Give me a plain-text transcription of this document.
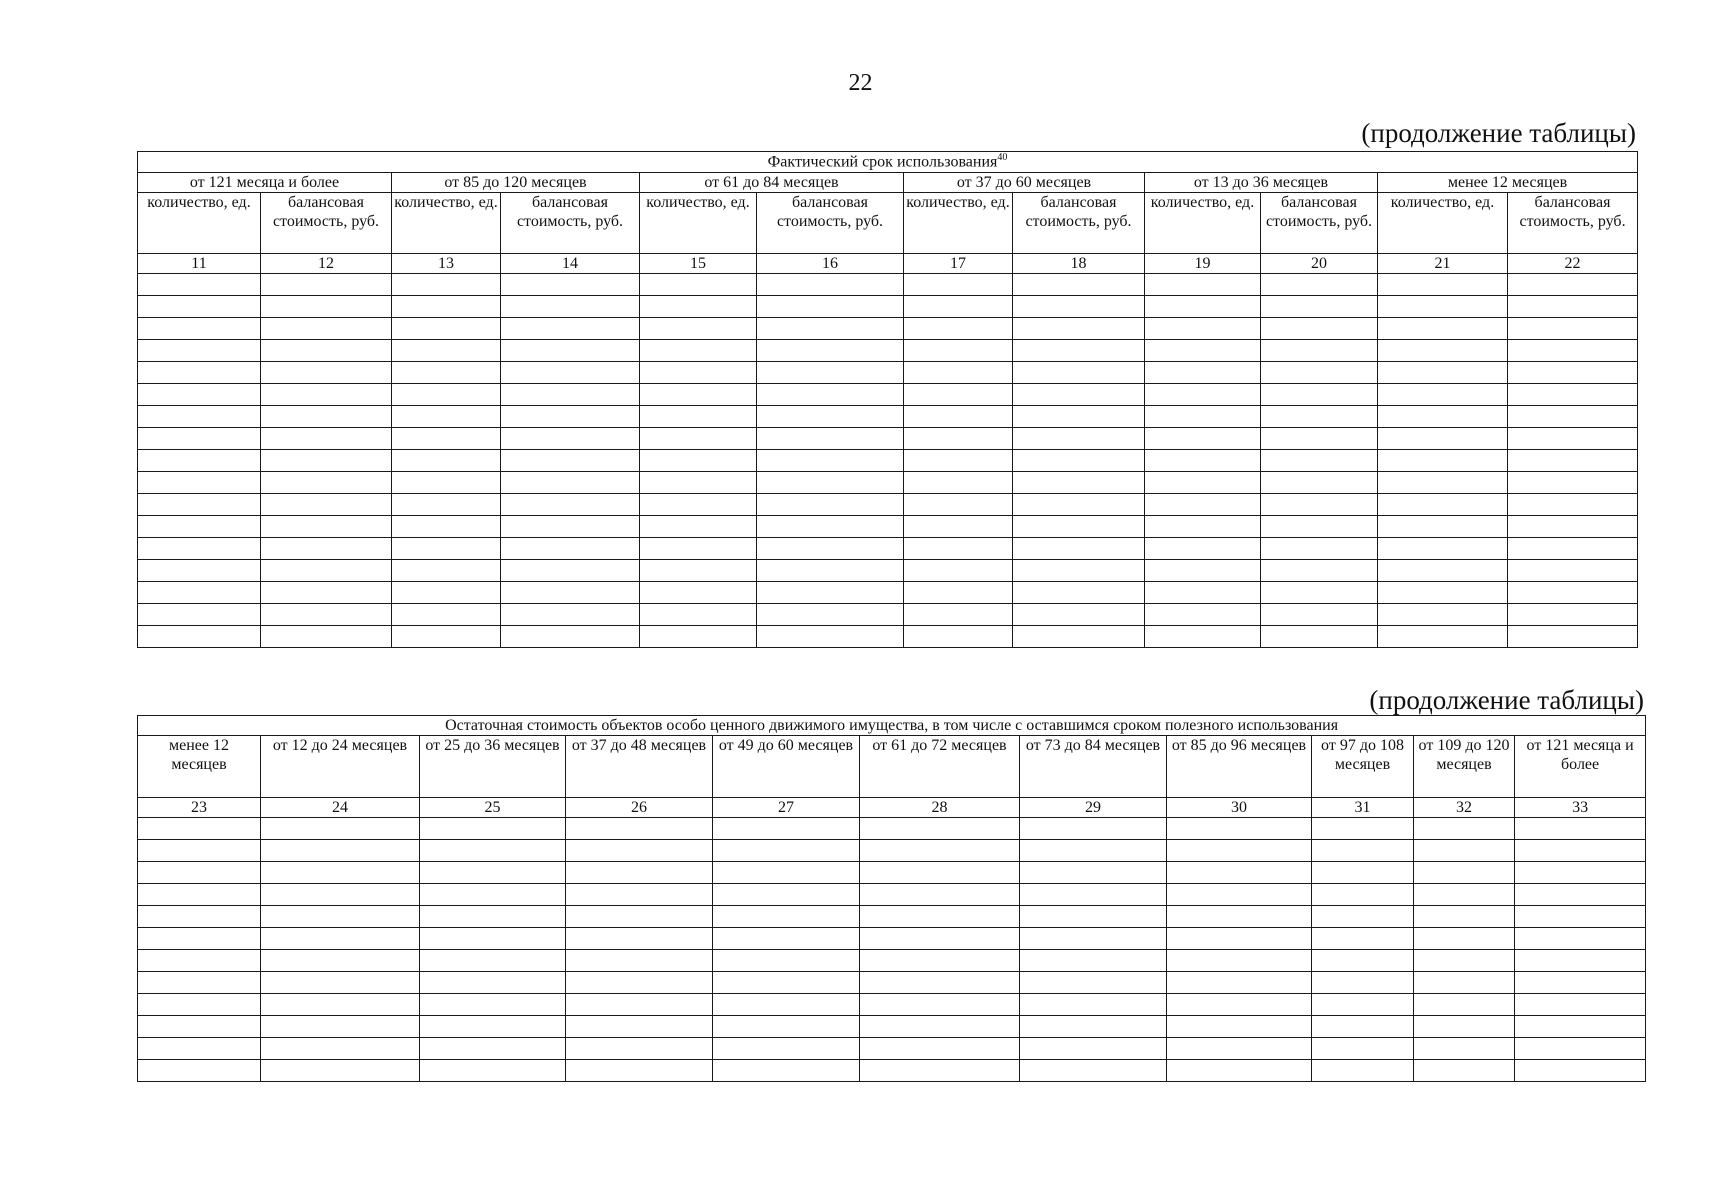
22
(продолжение таблицы)
Фактический срок использования$^{40}$
от 121 месяца и более		от 85 до 120 месяцев		от 61 до 84 месяцев		от 37 до 60 месяцев		от 13 до 36 месяцев		менее 12 месяцев	
количество, ед.	балансовая стоимость, руб.	количество, ед.	балансовая стоимость, руб.	количество, ед.	балансовая стоимость, руб.	количество, ед.	балансовая стоимость, руб.	количество, ед.	балансовая стоимость, руб.	количество, ед.	балансовая стоимость, руб.
11	12	13	14	15	16	17	18	19	20	21	22

(продолжение таблицы)
Остаточная стоимость объектов особо ценного движимого имущества, в том числе с оставшимся сроком полезного использования										
менее 12 месяцев	от 12 до 24 месяцев	от 25 до 36 месяцев	от 37 до 48 месяцев	от 49 до 60 месяцев	от 61 до 72 месяцев	от 73 до 84 месяцев	от 85 до 96 месяцев	от 97 до 108 месяцев	от 109 до 120 месяцев	от 121 месяца и более
23	24	25	26	27	28	29	30	31	32	33
